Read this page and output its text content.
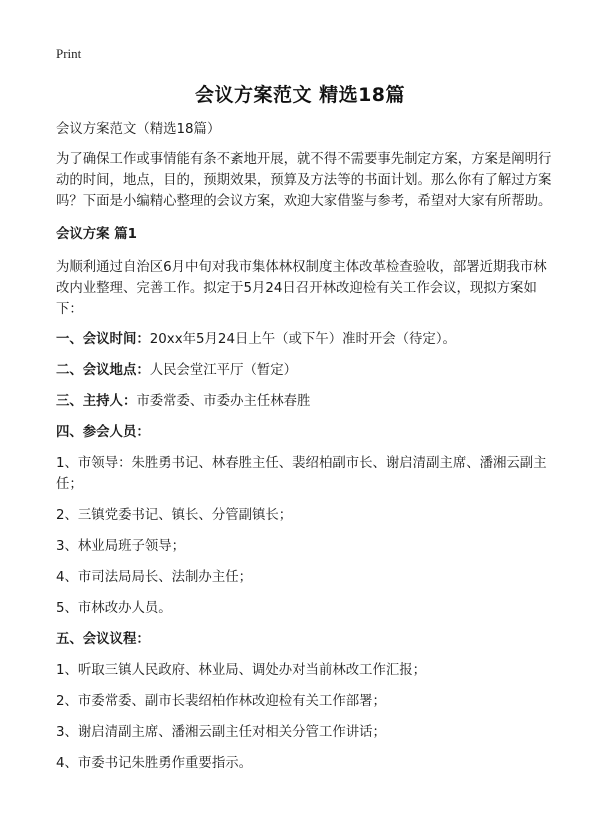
Print
会议方案范文 精选18篇

会议方案范文（精选18篇）

为了确保工作或事情能有条不紊地开展，就不得不需要事先制定方案，方案是阐明行动的时间，地点，目的，预期效果，预算及方法等的书面计划。那么你有了解过方案吗？下面是小编精心整理的会议方案，欢迎大家借鉴与参考，希望对大家有所帮助。

会议方案 篇1

为顺利通过自治区6月中旬对我市集体林权制度主体改革检查验收，部署近期我市林改内业整理、完善工作。拟定于5月24日召开林改迎检有关工作会议，现拟方案如下：

一、会议时间：20xx年5月24日上午（或下午）准时开会（待定）。

二、会议地点：人民会堂江平厅（暂定）

三、主持人：市委常委、市委办主任林春胜

四、参会人员：

1、市领导：朱胜勇书记、林春胜主任、裴绍柏副市长、谢启清副主席、潘湘云副主任；

2、三镇党委书记、镇长、分管副镇长；

3、林业局班子领导；

4、市司法局局长、法制办主任；

5、市林改办人员。

五、会议议程：

1、听取三镇人民政府、林业局、调处办对当前林改工作汇报；

2、市委常委、副市长裴绍柏作林改迎检有关工作部署；

3、谢启清副主席、潘湘云副主任对相关分管工作讲话；

4、市委书记朱胜勇作重要指示。
